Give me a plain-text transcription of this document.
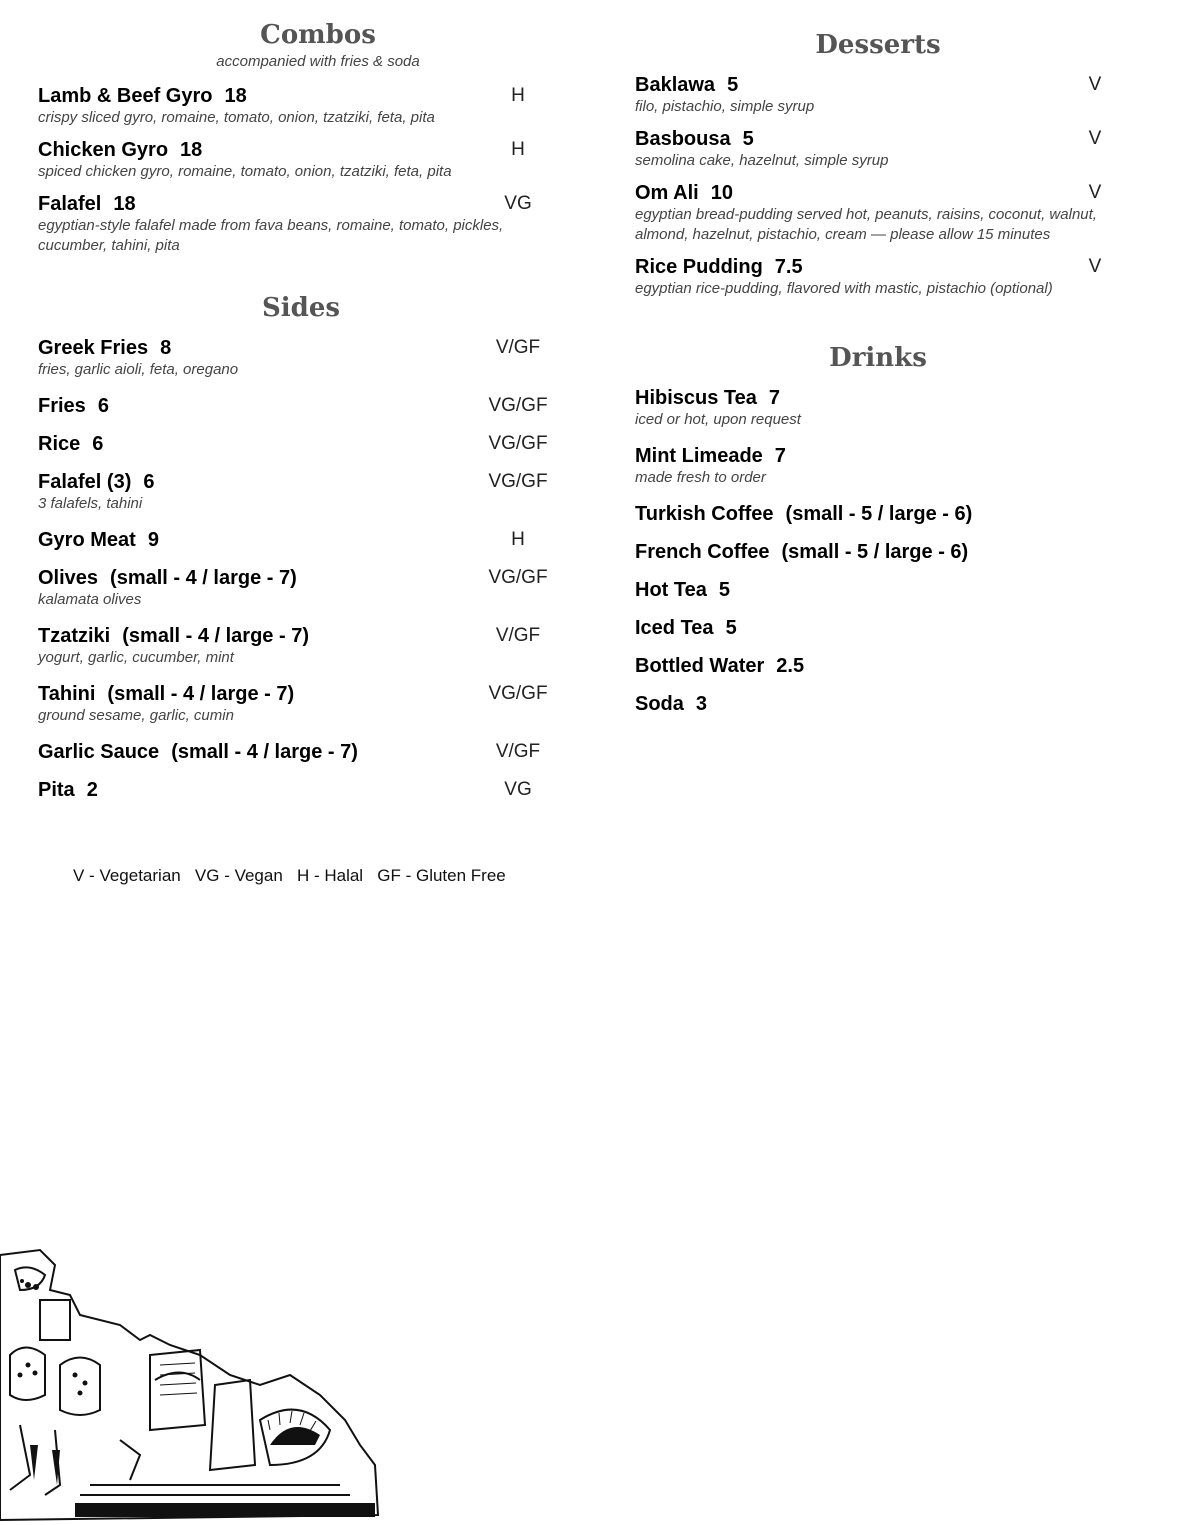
Combos

accompanied with fries & soda

Lamb & Beef Gyro 18	H

crispy sliced gyro, romaine, tomato, onion, tzatziki, feta, pita

Chicken Gyro 18	H

spiced chicken gyro, romaine, tomato, onion, tzatziki, feta, pita

Falafel 18	VG

egyptian-style falafel made from fava beans, romaine, tomato, pickles, cucumber, tahini, pita

Sides
Greek Fries 8	V/GF

fries, garlic aioli, feta, oregano

Fries 6	VG/GF
Rice 6	VG/GF
Falafel (3) 6	VG/GF

3 falafels, tahini

Gyro Meat 9	H
Olives (small - 4 / large - 7)	VG/GF

kalamata olives

Tzatziki (small - 4 / large - 7)	V/GF

yogurt, garlic, cucumber, mint

Tahini (small - 4 / large - 7)	VG/GF

ground sesame, garlic, cumin

Garlic Sauce (small - 4 / large - 7)	V/GF
Pita 2	VG
V - Vegetarian   VG - Vegan   H - Halal   GF - Gluten Free
Desserts
Baklawa 5	V

filo, pistachio, simple syrup

Basbousa 5	V

semolina cake, hazelnut, simple syrup

Om Ali 10	V

egyptian bread-pudding served hot, peanuts, raisins, coconut, walnut, almond, hazelnut, pistachio, cream — please allow 15 minutes

Rice Pudding 7.5	V

egyptian rice-pudding, flavored with mastic, pistachio (optional)

Drinks
Hibiscus Tea 7

iced or hot, upon request

Mint Limeade 7

made fresh to order

Turkish Coffee (small - 5 / large - 6)
French Coffee (small - 5 / large - 6)
Hot Tea 5
Iced Tea 5
Bottled Water 2.5
Soda 3
